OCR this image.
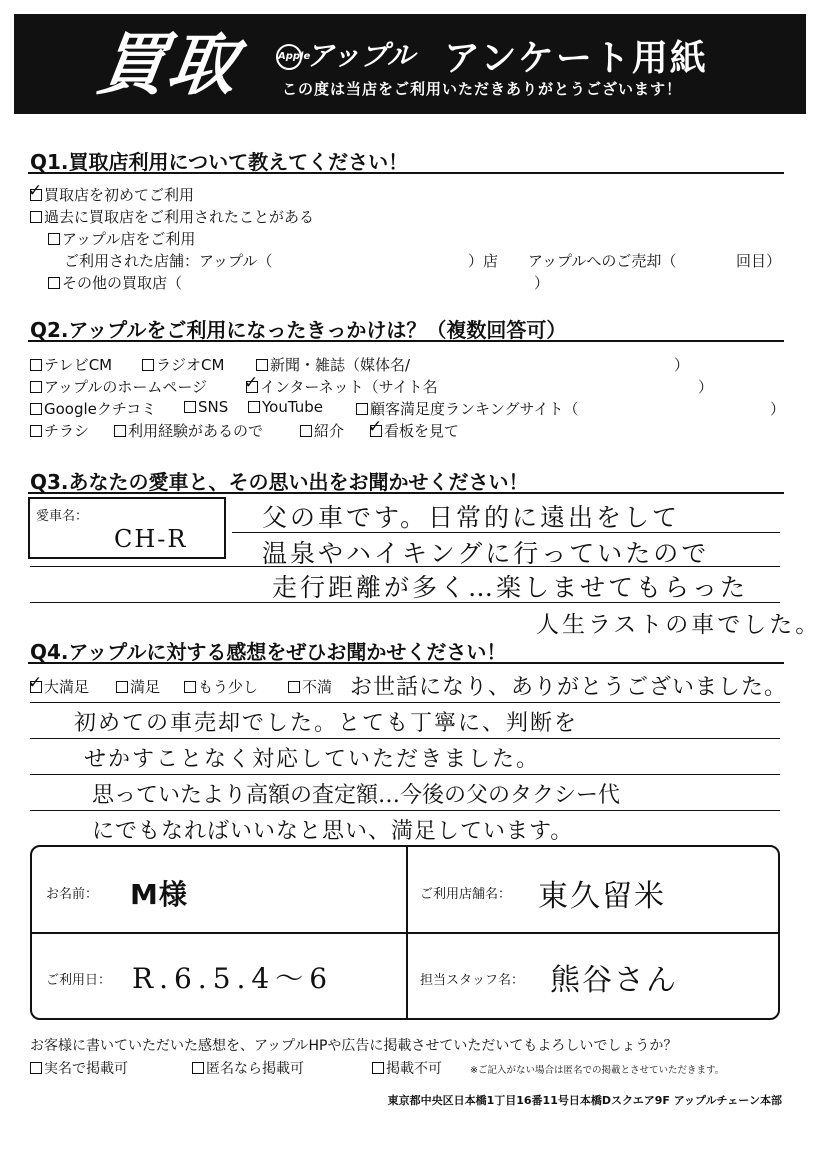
買取	Appleアップル アンケート用紙
この度は当店をご利用いただきありがとうございます！
Q1.買取店利用について教えてください！
✓買取店を初めてご利用
過去に買取店をご利用されたことがある
アップル店をご利用
ご利用された店舗：アップル（	）店 アップルへのご売却（	回目）
その他の買取店（	）
Q2.アップルをご利用になったきっかけは？（複数回答可）
テレビCM	ラジオCM	新聞・雑誌（媒体名/	）
アップルのホームページ ✓	インターネット（サイト名	）
Googleクチコミ	SNS	YouTube	顧客満足度ランキングサイト（	）
チラシ	利用経験があるので	紹介 ✓	看板を見て
Q3.あなたの愛車と、その思い出をお聞かせください！
愛車名：
CH-R
父の車です。日常的に遠出をして
温泉やハイキングに行っていたので
走行距離が多く…楽しませてもらった
人生ラストの車でした。
Q4.アップルに対する感想をぜひお聞かせください！
✓大満足	満足	もう少し	不満 お世話になり、ありがとうございました。
初めての車売却でした。とても丁寧に、判断を
せかすことなく対応していただきました。
思っていたより高額の査定額…今後の父のタクシー代
にでもなればいいなと思い、満足しています。
お名前： M様	ご利用店舗名： 東久留米
ご利用日： R.6.5.4～6	担当スタッフ名： 熊谷さん
お客様に書いていただいた感想を、アップルHPや広告に掲載させていただいてもよろしいでしょうか？
実名で掲載可	匿名なら掲載可	掲載不可	※ご記入がない場合は匿名での掲載とさせていただきます。
東京都中央区日本橋1丁目16番11号日本橋Dスクエア9F アップルチェーン本部
